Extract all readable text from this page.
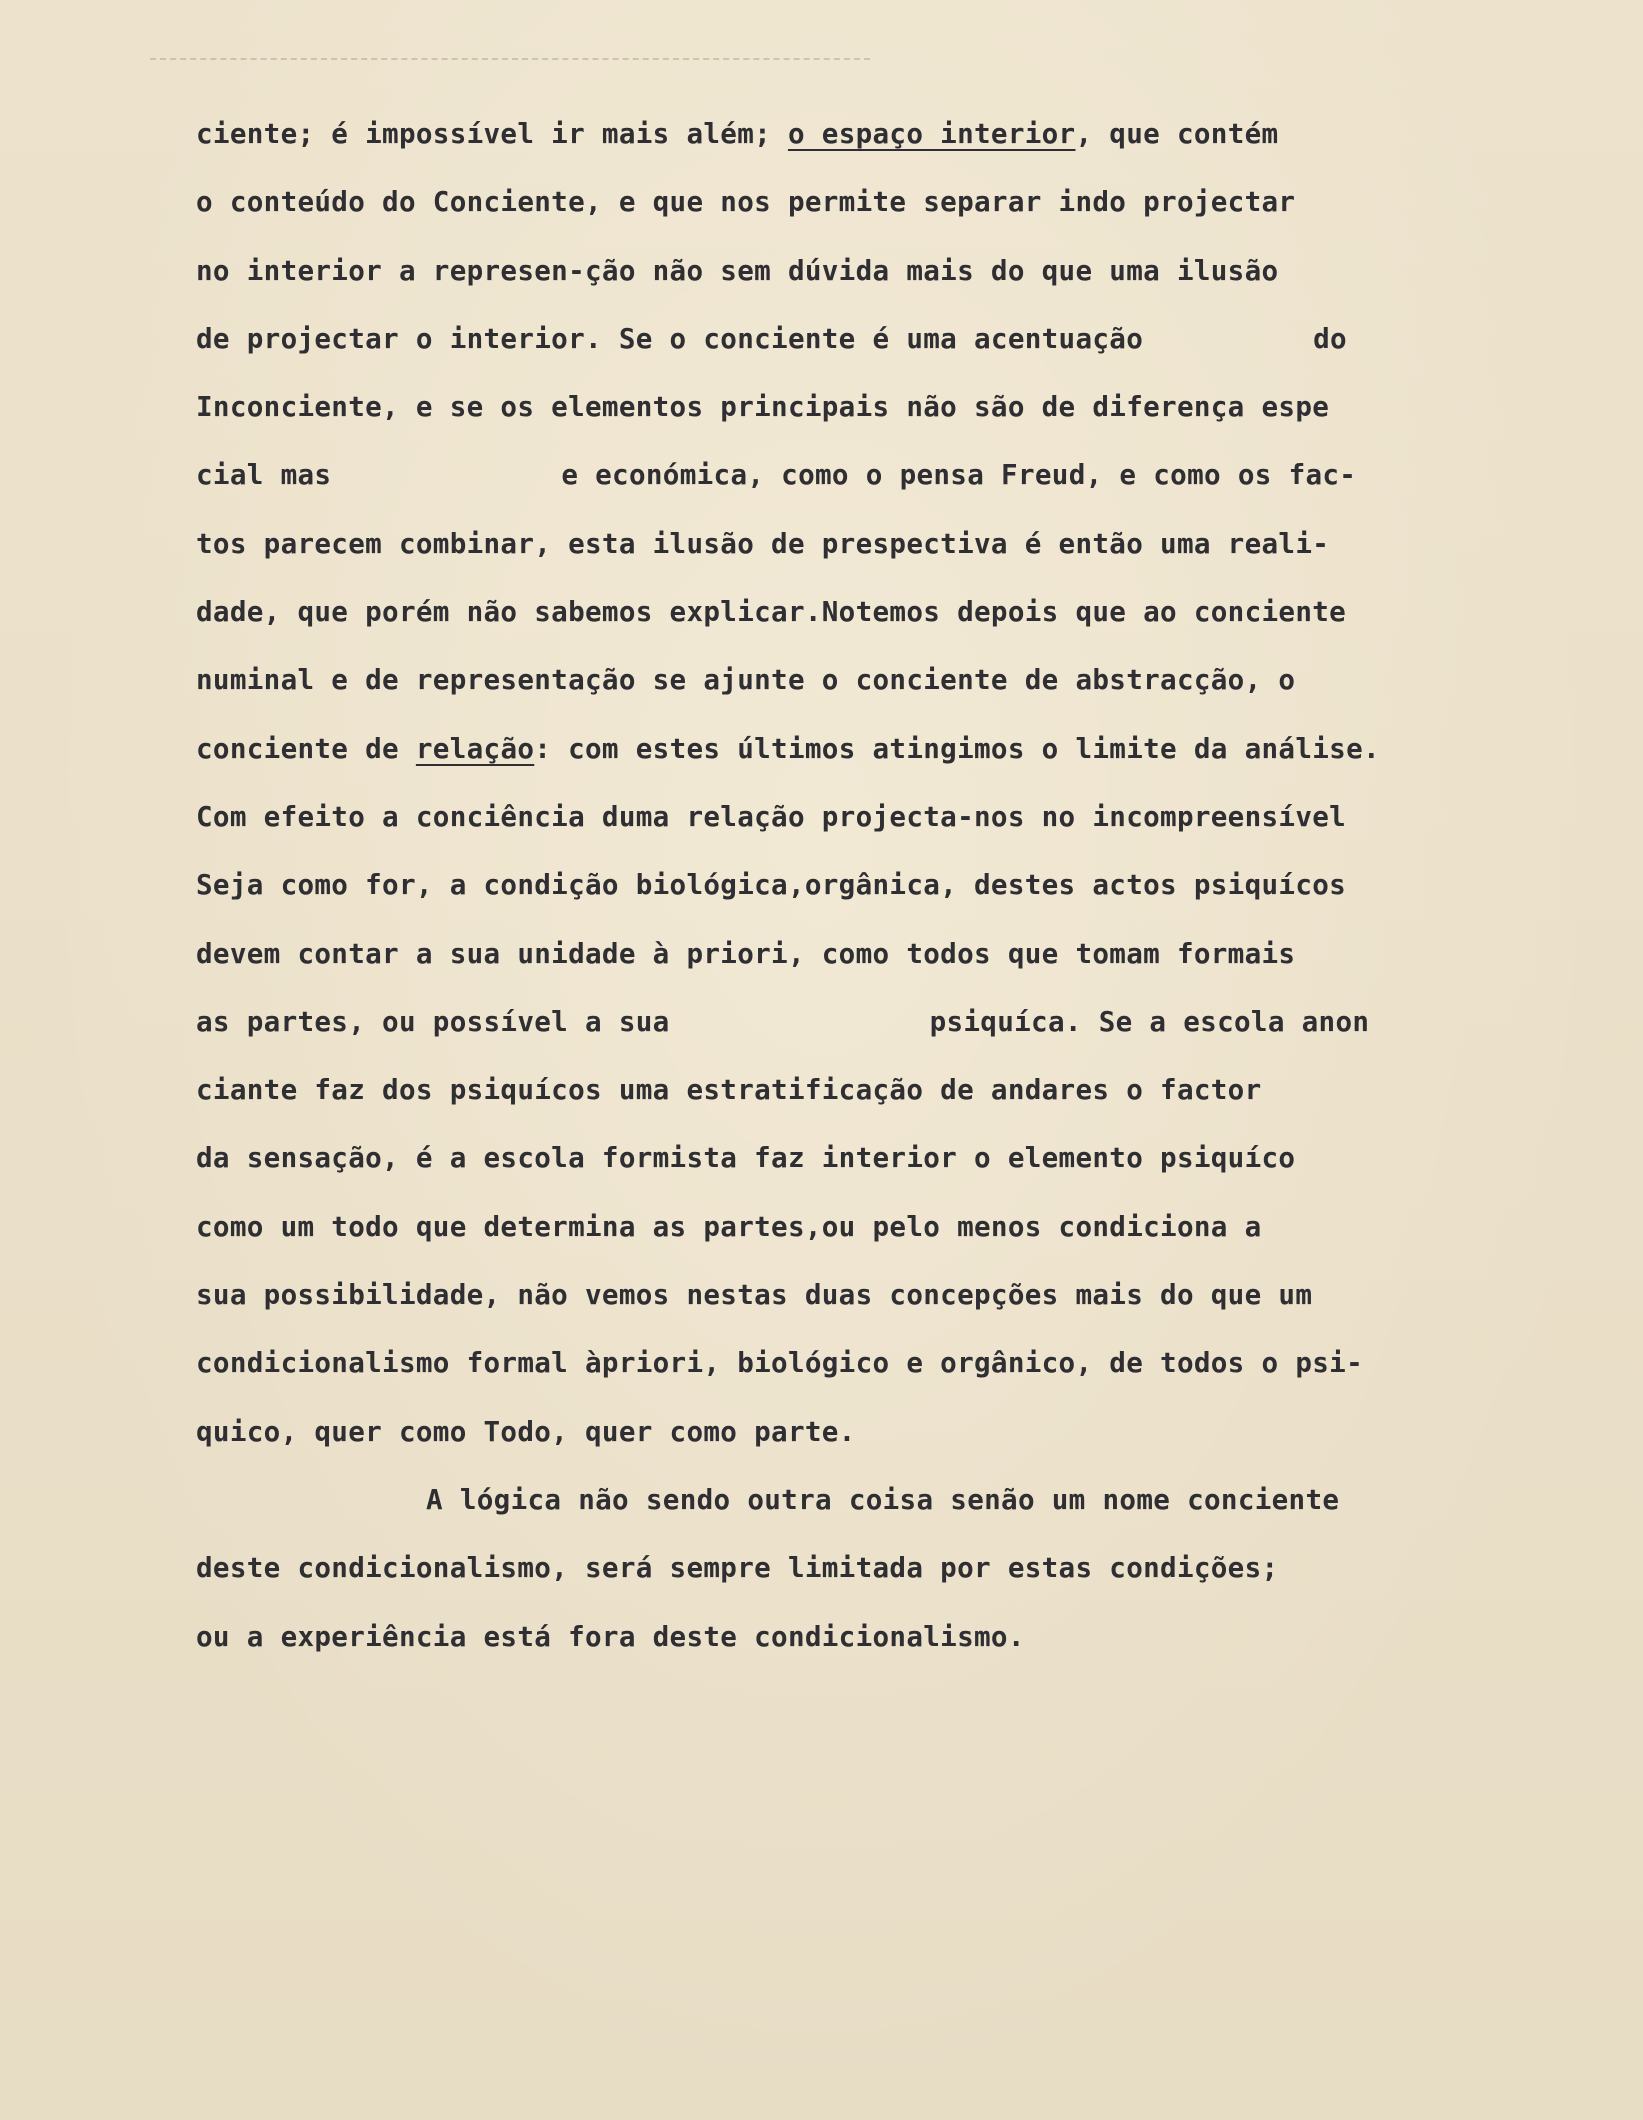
ciente; é impossível ir mais além; o espaço interior, que contém
o conteúdo do Conciente, e que nos permite separar indo projectar
no interior a represen-ção não sem dúvida mais do que uma ilusão
de projectar o interior. Se o conciente é uma acentuação	do
Inconciente, e se os elementos principais não são de diferença espe
cial mas	e económica, como o pensa Freud, e como os fac-
tos parecem combinar, esta ilusão de prespectiva é então uma reali-
dade, que porém não sabemos explicar.Notemos depois que ao conciente
numinal e de representação se ajunte o conciente de abstracção, o
conciente de relação: com estes últimos atingimos o limite da análise.
Com efeito a conciência duma relação projecta-nos no incompreensível
Seja como for, a condição biológica,orgânica, destes actos psiquícos
devem contar a sua unidade à priori, como todos que tomam formais
as partes, ou possível a sua	psiquíca. Se a escola anon
ciante faz dos psiquícos uma estratificação de andares o factor
da sensação, é a escola formista faz interior o elemento psiquíco
como um todo que determina as partes,ou pelo menos condiciona a
sua possibilidade, não vemos nestas duas concepções mais do que um
condicionalismo formal àpriori, biológico e orgânico, de todos o psi-
quico, quer como Todo, quer como parte.
A lógica não sendo outra coisa senão um nome conciente
deste condicionalismo, será sempre limitada por estas condições;
ou a experiência está fora deste condicionalismo.
